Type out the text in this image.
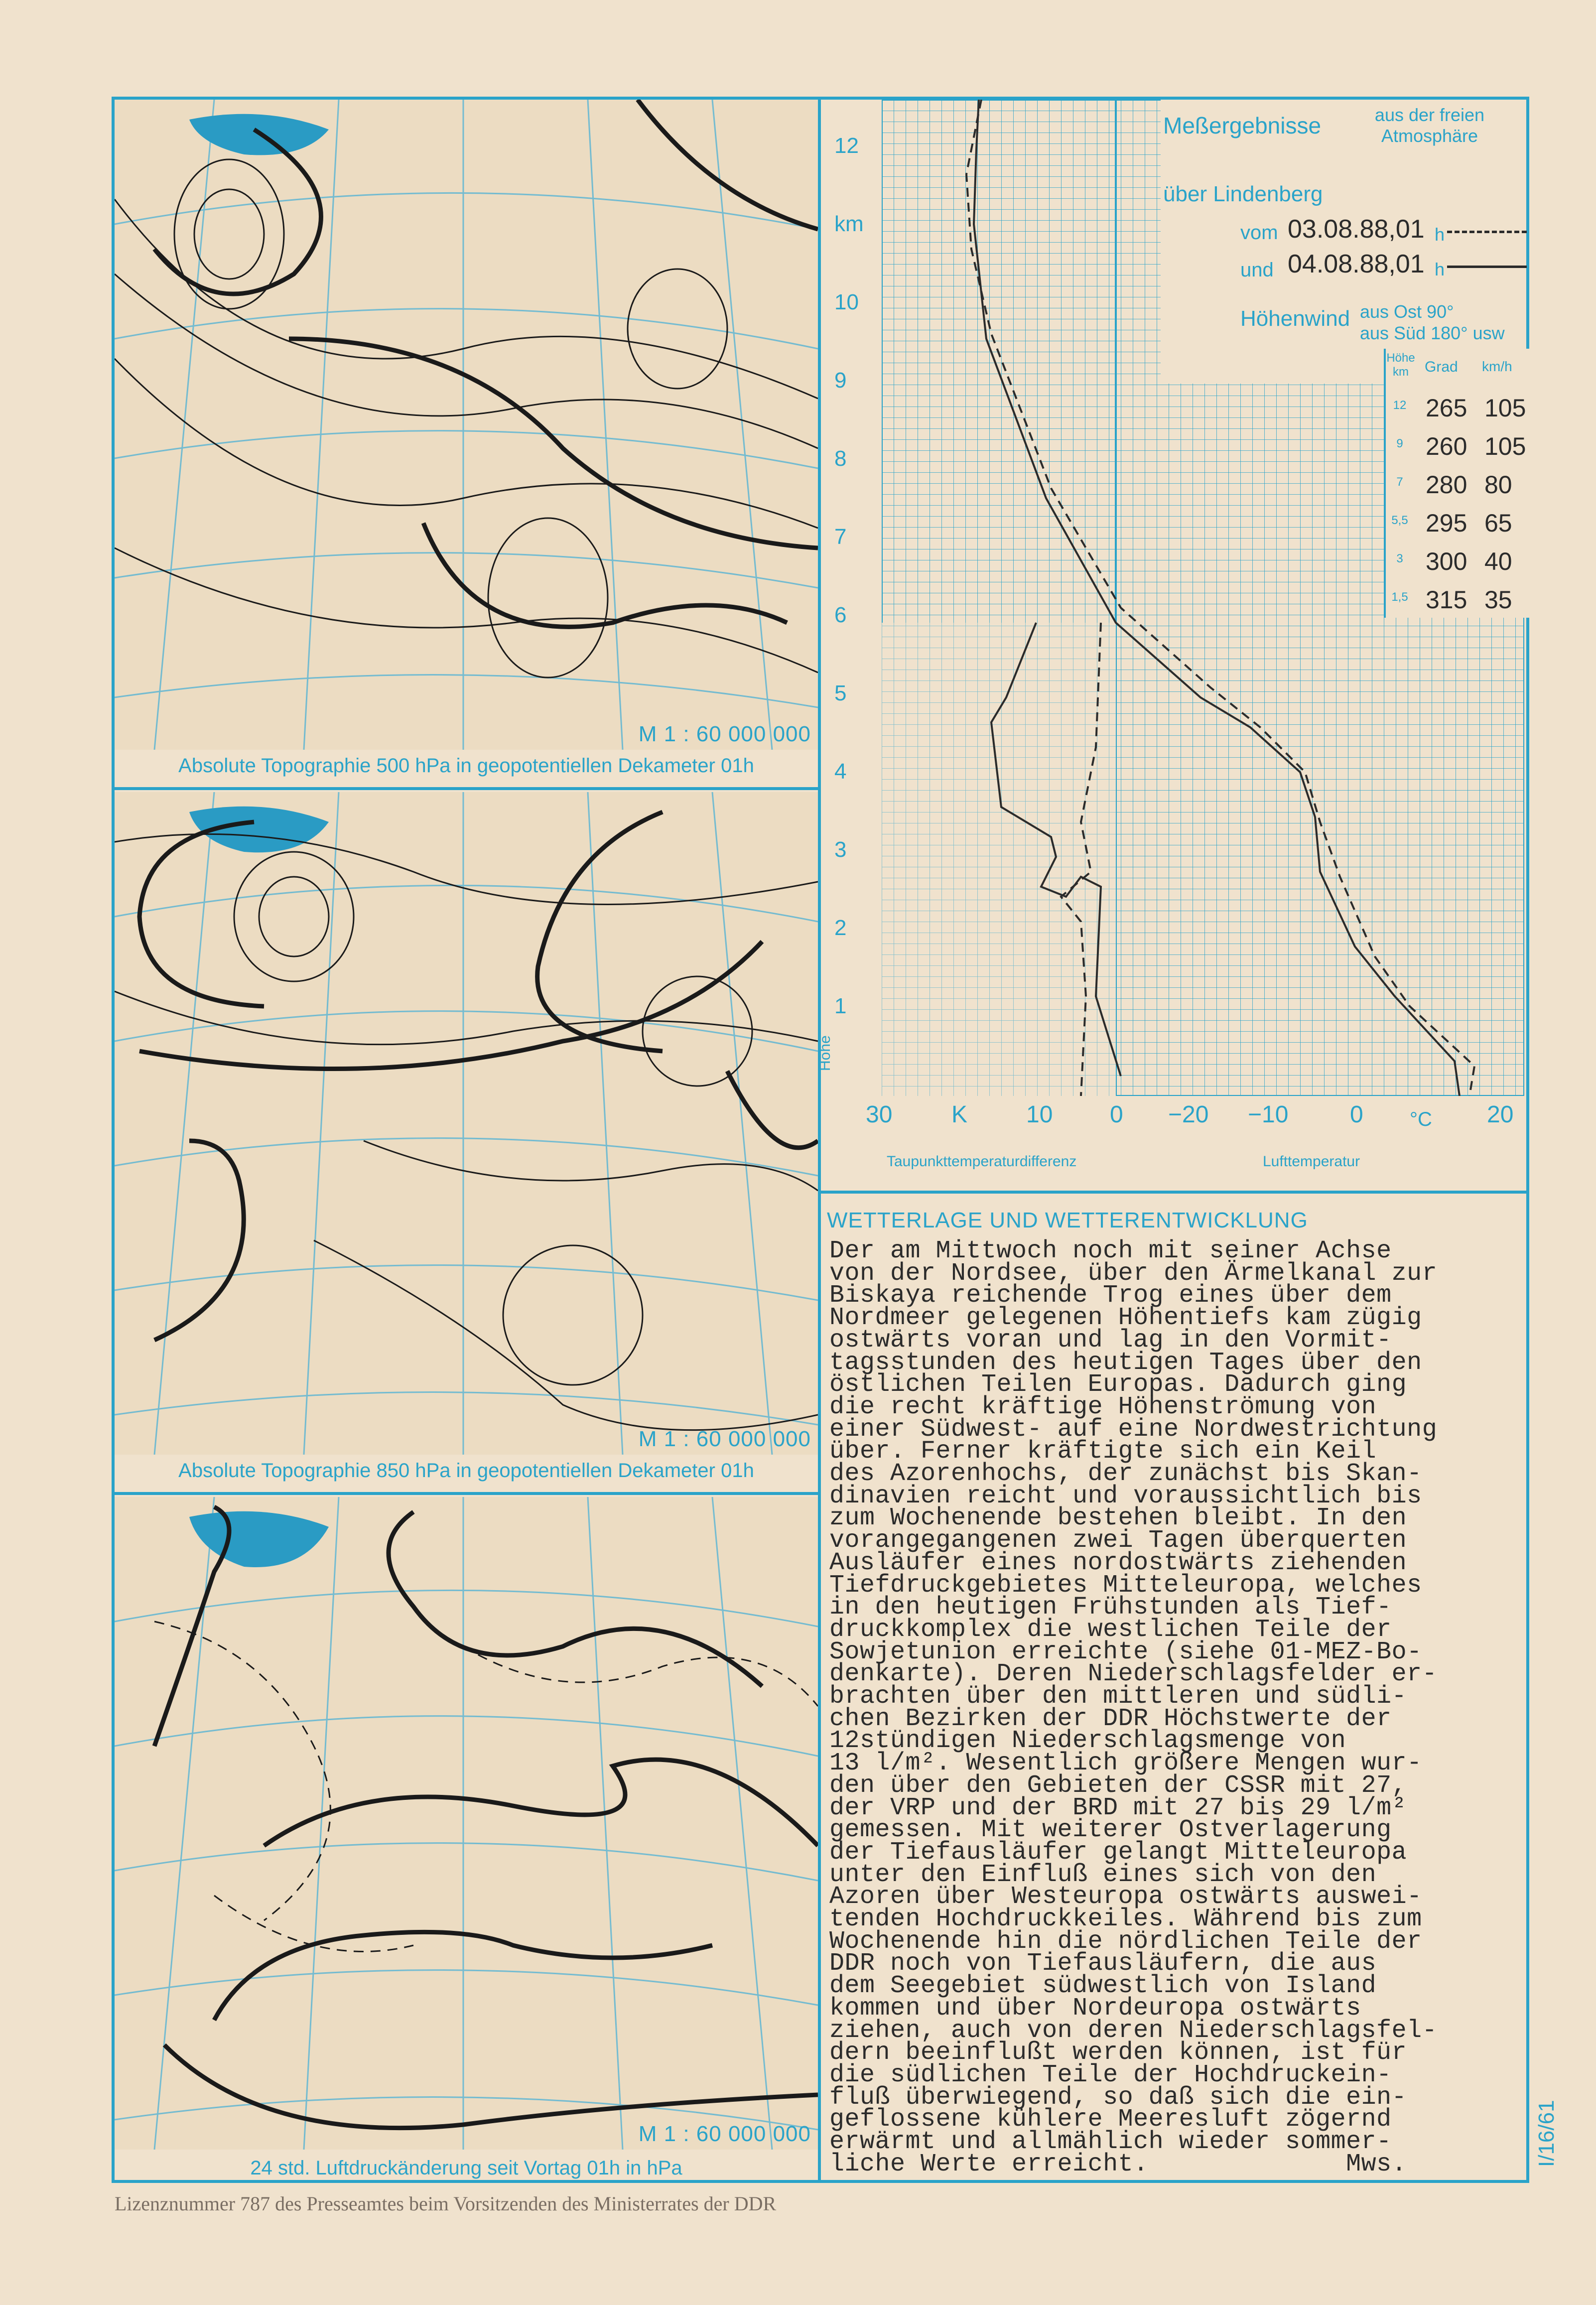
M 1 : 60 000 000
Absolute Topographie 500 hPa in geopotentiellen Dekameter 01h
M 1 : 60 000 000
Absolute Topographie 850 hPa in geopotentiellen Dekameter 01h
M 1 : 60 000 000
24 std. Luftdruckänderung seit Vortag 01h in hPa
Meßergebnisse	aus der freien Atmosphäre
über Lindenberg
vom 03.08.88,01 h
und 04.08.88,01 h
Höhenwind aus Ost 90°
aus Süd 180° usw
Höhe km	Grad km/h
12 265 105
9 260 105
7 280 80
5,5 295 65
3 300 40
1,5 315 35
12
km
10
9
8
7
6
5
4
3
2
1
Höhe
30 K 10 0 −20 −10	0 °C 20
Taupunkttemperaturdifferenz	Lufttemperatur
WETTERLAGE UND WETTERENTWICKLUNG
Der am Mittwoch noch mit seiner Achse
von der Nordsee, über den Ärmelkanal zur
Biskaya reichende Trog eines über dem
Nordmeer gelegenen Höhentiefs kam zügig
ostwärts voran und lag in den Vormit-
tagsstunden des heutigen Tages über den
östlichen Teilen Europas. Dadurch ging
die recht kräftige Höhenströmung von
einer Südwest- auf eine Nordwestrichtung
über. Ferner kräftigte sich ein Keil
des Azorenhochs, der zunächst bis Skan-
dinavien reicht und voraussichtlich bis
zum Wochenende bestehen bleibt. In den
vorangegangenen zwei Tagen überquerten
Ausläufer eines nordostwärts ziehenden
Tiefdruckgebietes Mitteleuropa, welches
in den heutigen Frühstunden als Tief-
druckkomplex die westlichen Teile der
Sowjetunion erreichte (siehe 01-MEZ-Bo-
denkarte). Deren Niederschlagsfelder er-
brachten über den mittleren und südli-
chen Bezirken der DDR Höchstwerte der
12stündigen Niederschlagsmenge von
13 l/m². Wesentlich größere Mengen wur-
den über den Gebieten der CSSR mit 27,
der VRP und der BRD mit 27 bis 29 l/m²
gemessen. Mit weiterer Ostverlagerung
der Tiefausläufer gelangt Mitteleuropa
unter den Einfluß eines sich von den
Azoren über Westeuropa ostwärts auswei-
tenden Hochdruckkeiles. Während bis zum
Wochenende hin die nördlichen Teile der
DDR noch von Tiefausläufern, die aus
dem Seegebiet südwestlich von Island
kommen und über Nordeuropa ostwärts
ziehen, auch von deren Niederschlagsfel-
dern beeinflußt werden können, ist für
die südlichen Teile der Hochdruckein-
fluß überwiegend, so daß sich die ein-
geflossene kühlere Meeresluft zögernd
erwärmt und allmählich wieder sommer-
liche Werte erreicht.             Mws.	I/16/61
Lizenznummer 787 des Presseamtes beim Vorsitzenden des Ministerrates der DDR
